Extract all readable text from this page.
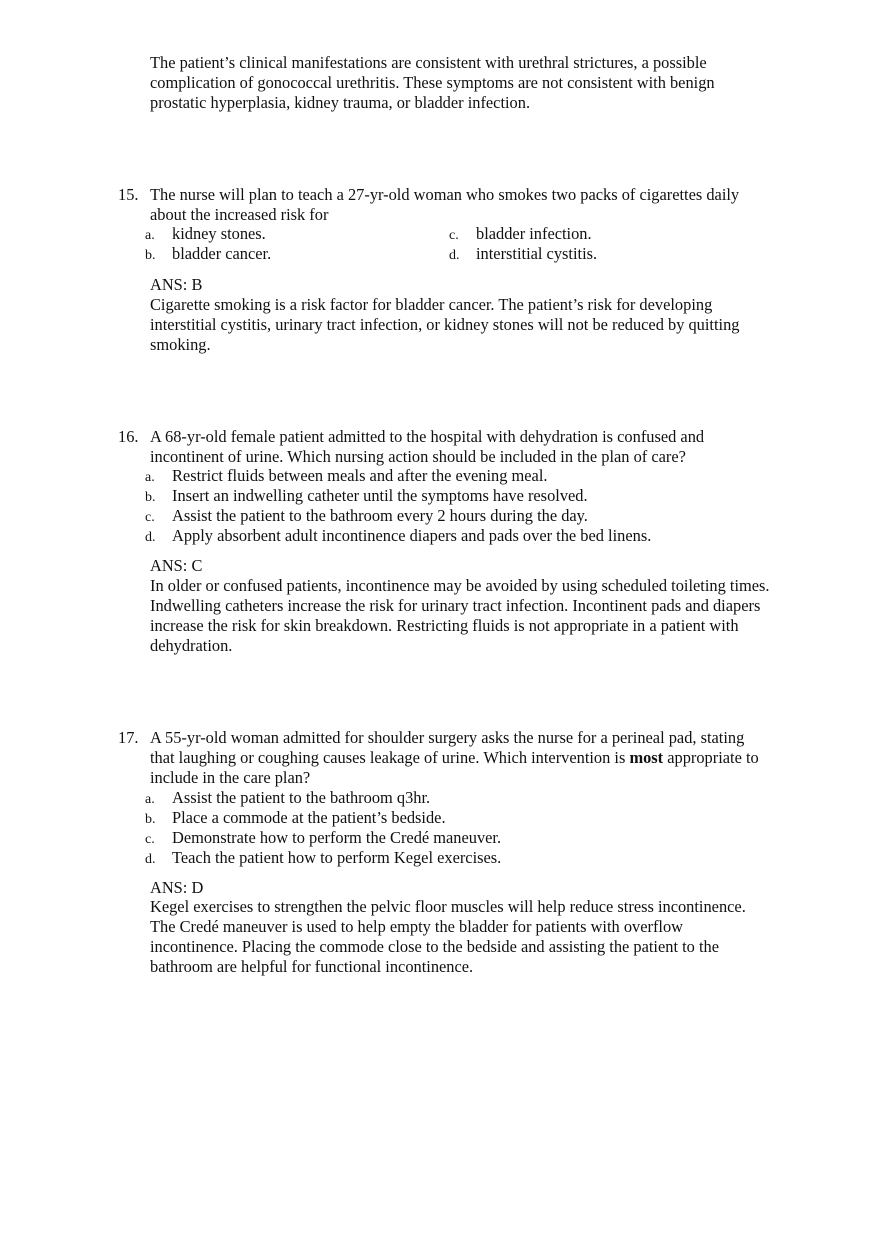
The patient’s clinical manifestations are consistent with urethral strictures, a possible
complication of gonococcal urethritis. These symptoms are not consistent with benign
prostatic hyperplasia, kidney trauma, or bladder infection.
15. The nurse will plan to teach a 27-yr-old woman who smokes two packs of cigarettes daily
about the increased risk for
a. kidney stones.
b. bladder cancer.
c. bladder infection.
d. interstitial cystitis.
ANS: B
Cigarette smoking is a risk factor for bladder cancer. The patient’s risk for developing
interstitial cystitis, urinary tract infection, or kidney stones will not be reduced by quitting
smoking.
16. A 68-yr-old female patient admitted to the hospital with dehydration is confused and
incontinent of urine. Which nursing action should be included in the plan of care?
a. Restrict fluids between meals and after the evening meal.
b. Insert an indwelling catheter until the symptoms have resolved.
c. Assist the patient to the bathroom every 2 hours during the day.
d. Apply absorbent adult incontinence diapers and pads over the bed linens.
ANS: C
In older or confused patients, incontinence may be avoided by using scheduled toileting times.
Indwelling catheters increase the risk for urinary tract infection. Incontinent pads and diapers
increase the risk for skin breakdown. Restricting fluids is not appropriate in a patient with
dehydration.
17. A 55-yr-old woman admitted for shoulder surgery asks the nurse for a perineal pad, stating
that laughing or coughing causes leakage of urine. Which intervention is most appropriate to
include in the care plan?
a. Assist the patient to the bathroom q3hr.
b. Place a commode at the patient’s bedside.
c. Demonstrate how to perform the Credé maneuver.
d. Teach the patient how to perform Kegel exercises.
ANS: D
Kegel exercises to strengthen the pelvic floor muscles will help reduce stress incontinence.
The Credé maneuver is used to help empty the bladder for patients with overflow
incontinence. Placing the commode close to the bedside and assisting the patient to the
bathroom are helpful for functional incontinence.
